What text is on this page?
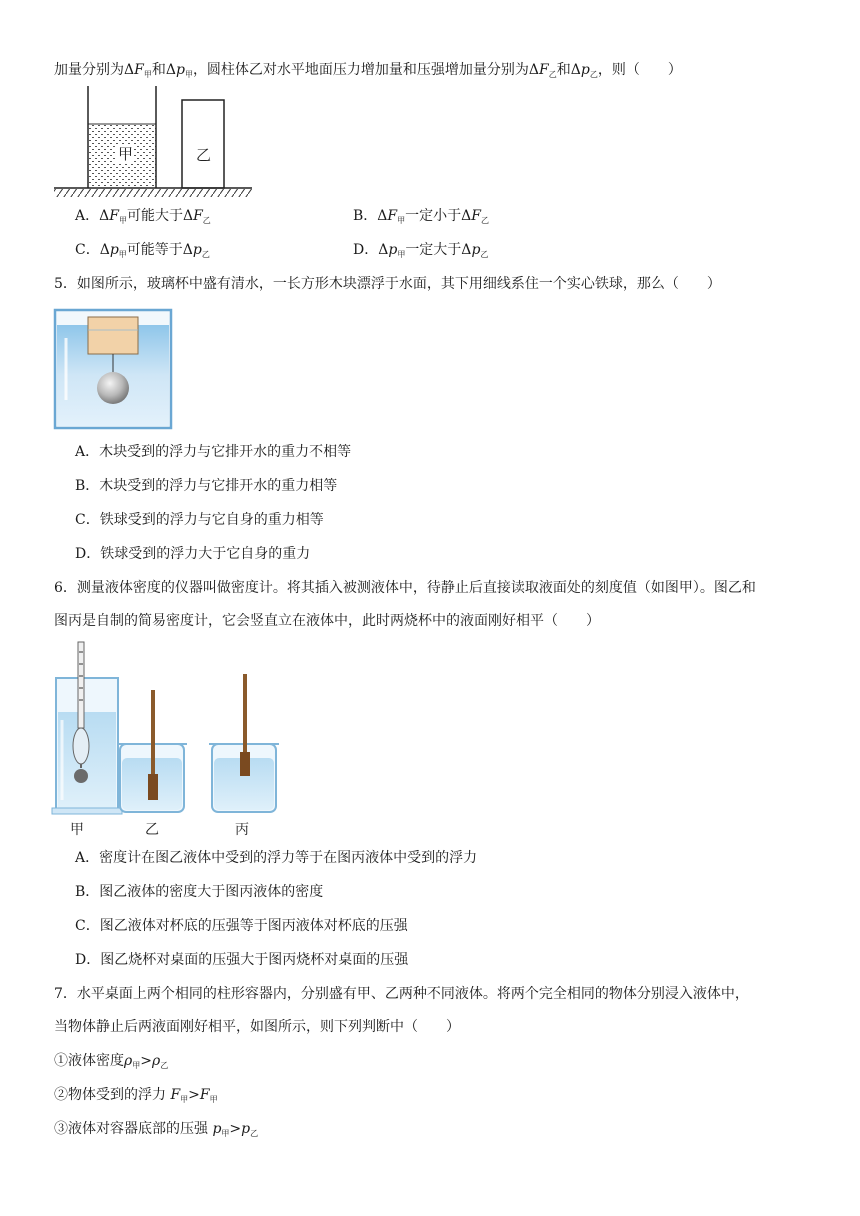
加量分别为$\Delta F_甲$和$\Delta p_甲$，圆柱体乙对水平地面压力增加量和压强增加量分别为$\Delta F_乙$和$\Delta p_乙$，则（　　）
甲	乙
A．$\Delta F_甲$可能大于$\Delta F_乙$	B．$\Delta F_甲$一定小于$\Delta F_乙$
C．$\Delta p_甲$可能等于$\Delta p_乙$	D．$\Delta p_甲$一定大于$\Delta p_乙$
5．如图所示，玻璃杯中盛有清水，一长方形木块漂浮于水面，其下用细线系住一个实心铁球，那么（　　）
A．木块受到的浮力与它排开水的重力不相等
B．木块受到的浮力与它排开水的重力相等
C．铁球受到的浮力与它自身的重力相等
D．铁球受到的浮力大于它自身的重力
6．测量液体密度的仪器叫做密度计。将其插入被测液体中，待静止后直接读取液面处的刻度值（如图甲）。图乙和
图丙是自制的简易密度计，它会竖直立在液体中，此时两烧杯中的液面刚好相平（　　）
甲	乙	丙
A．密度计在图乙液体中受到的浮力等于在图丙液体中受到的浮力
B．图乙液体的密度大于图丙液体的密度
C．图乙液体对杯底的压强等于图丙液体对杯底的压强
D．图乙烧杯对桌面的压强大于图丙烧杯对桌面的压强
7．水平桌面上两个相同的柱形容器内，分别盛有甲、乙两种不同液体。将两个完全相同的物体分别浸入液体中，
当物体静止后两液面刚好相平，如图所示，则下列判断中（　　）
①液体密度$\rho_甲>\rho_乙$
②物体受到的浮力 $F_甲>F_甲$
③液体对容器底部的压强 $p_甲>p_乙$
